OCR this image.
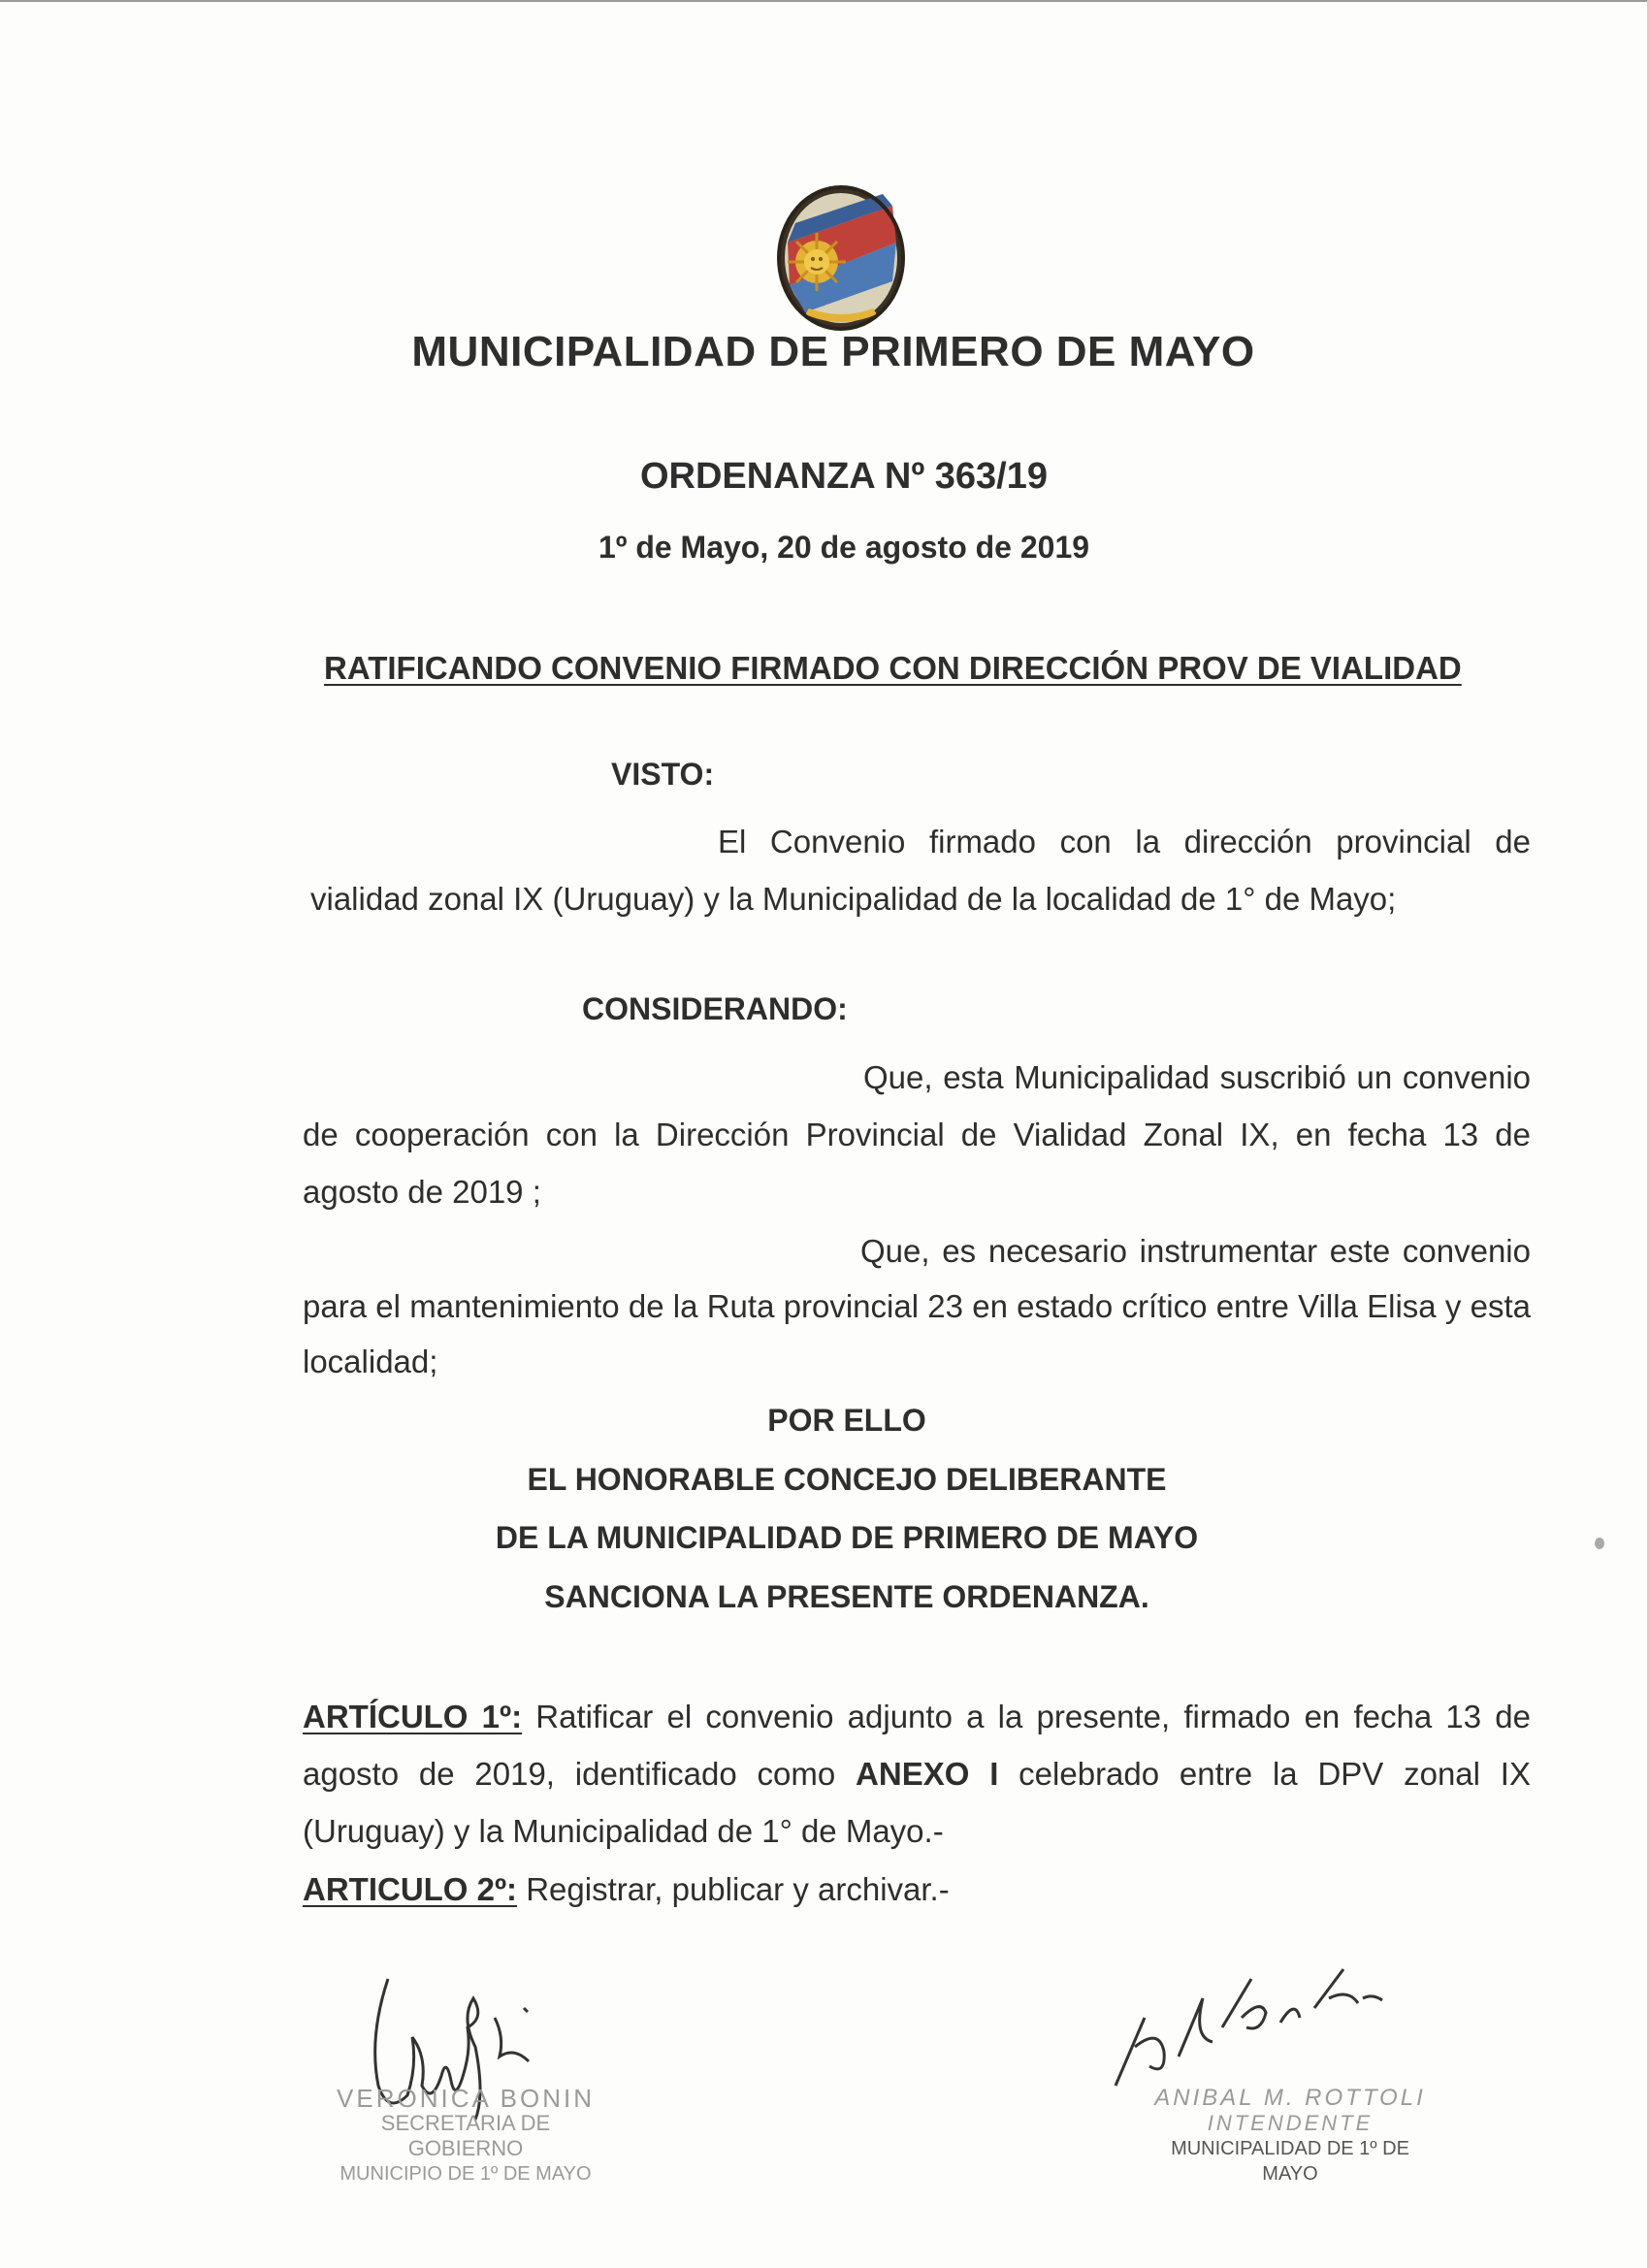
MUNICIPALIDAD DE PRIMERO DE MAYO
ORDENANZA Nº 363/19
1º de Mayo, 20 de agosto de 2019
RATIFICANDO CONVENIO FIRMADO CON DIRECCIÓN PROV DE VIALIDAD
VISTO:

El Convenio firmado con la dirección provincial de vialidad zonal IX (Uruguay) y la Municipalidad de la localidad de 1° de Mayo;

CONSIDERANDO:

Que, esta Municipalidad suscribió un convenio de cooperación con la Dirección Provincial de Vialidad Zonal IX, en fecha 13 de agosto de 2019 ;

Que, es necesario instrumentar este convenio para el mantenimiento de la Ruta provincial 23 en estado crítico entre Villa Elisa y esta localidad;

POR ELLO
EL HONORABLE CONCEJO DELIBERANTE
DE LA MUNICIPALIDAD DE PRIMERO DE MAYO
SANCIONA LA PRESENTE ORDENANZA.

ARTÍCULO 1º: Ratificar el convenio adjunto a la presente, firmado en fecha 13 de agosto de 2019, identificado como ANEXO I celebrado entre la DPV zonal IX (Uruguay) y la Municipalidad de 1° de Mayo.-

ARTICULO 2º: Registrar, publicar y archivar.-

VERONICA BONIN
SECRETARIA DE GOBIERNO
MUNICIPIO DE 1º DE MAYO
ANIBAL M. ROTTOLI
INTENDENTE
MUNICIPALIDAD DE 1º DE MAYO
